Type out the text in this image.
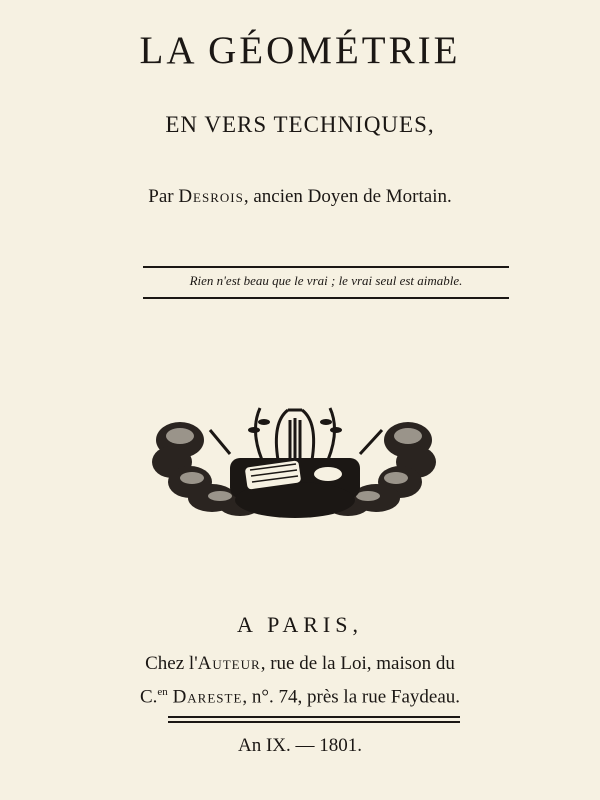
LA GÉOMÉTRIE
EN VERS TECHNIQUES,
Par Desrois, ancien Doyen de Mortain.
Rien n'est beau que le vrai ; le vrai seul est aimable.
A PARIS,
Chez l'Auteur, rue de la Loi, maison du
C.$^{en}$ Dareste, n°. 74, près la rue Faydeau.
An IX. — 1801.
